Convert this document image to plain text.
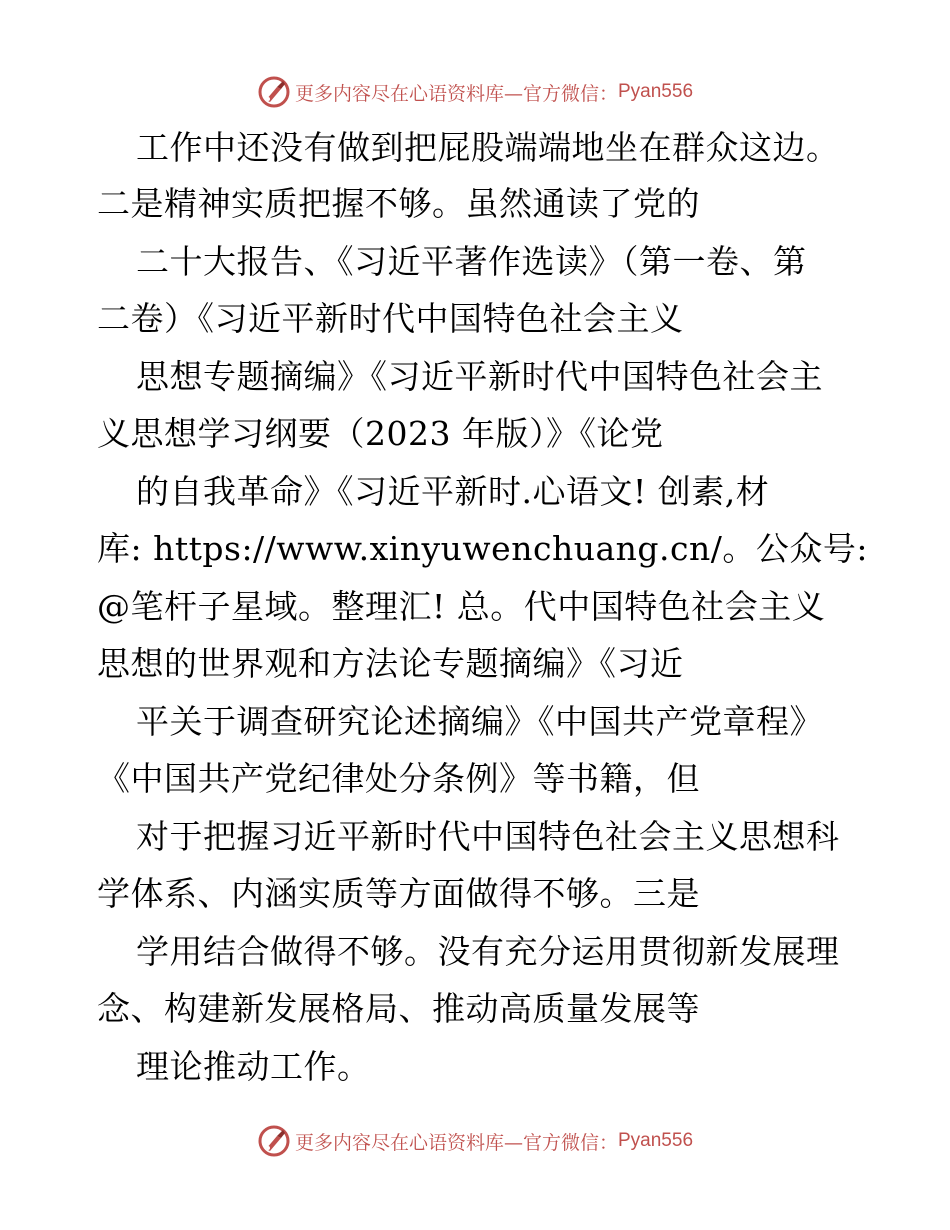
更多内容尽在心语资料库—官方微信： Pyan556
工作中还没有做到把屁股端端地坐在群众这边。
二是精神实质把握不够。虽然通读了党的
二十大报告、《习近平著作选读》（第一卷、第
二卷）《习近平新时代中国特色社会主义
思想专题摘编》《习近平新时代中国特色社会主
义思想学习纲要（2023 年版）》《论党
的自我革命》《习近平新时.心语文! 创素,材
库: https://www.xinyuwenchuang.cn/。公众号:
@笔杆子星域。整理汇! 总。代中国特色社会主义
思想的世界观和方法论专题摘编》《习近
平关于调查研究论述摘编》《中国共产党章程》
《中国共产党纪律处分条例》等书籍，但
对于把握习近平新时代中国特色社会主义思想科
学体系、内涵实质等方面做得不够。三是
学用结合做得不够。没有充分运用贯彻新发展理
念、构建新发展格局、推动高质量发展等
理论推动工作。
更多内容尽在心语资料库—官方微信： Pyan556
